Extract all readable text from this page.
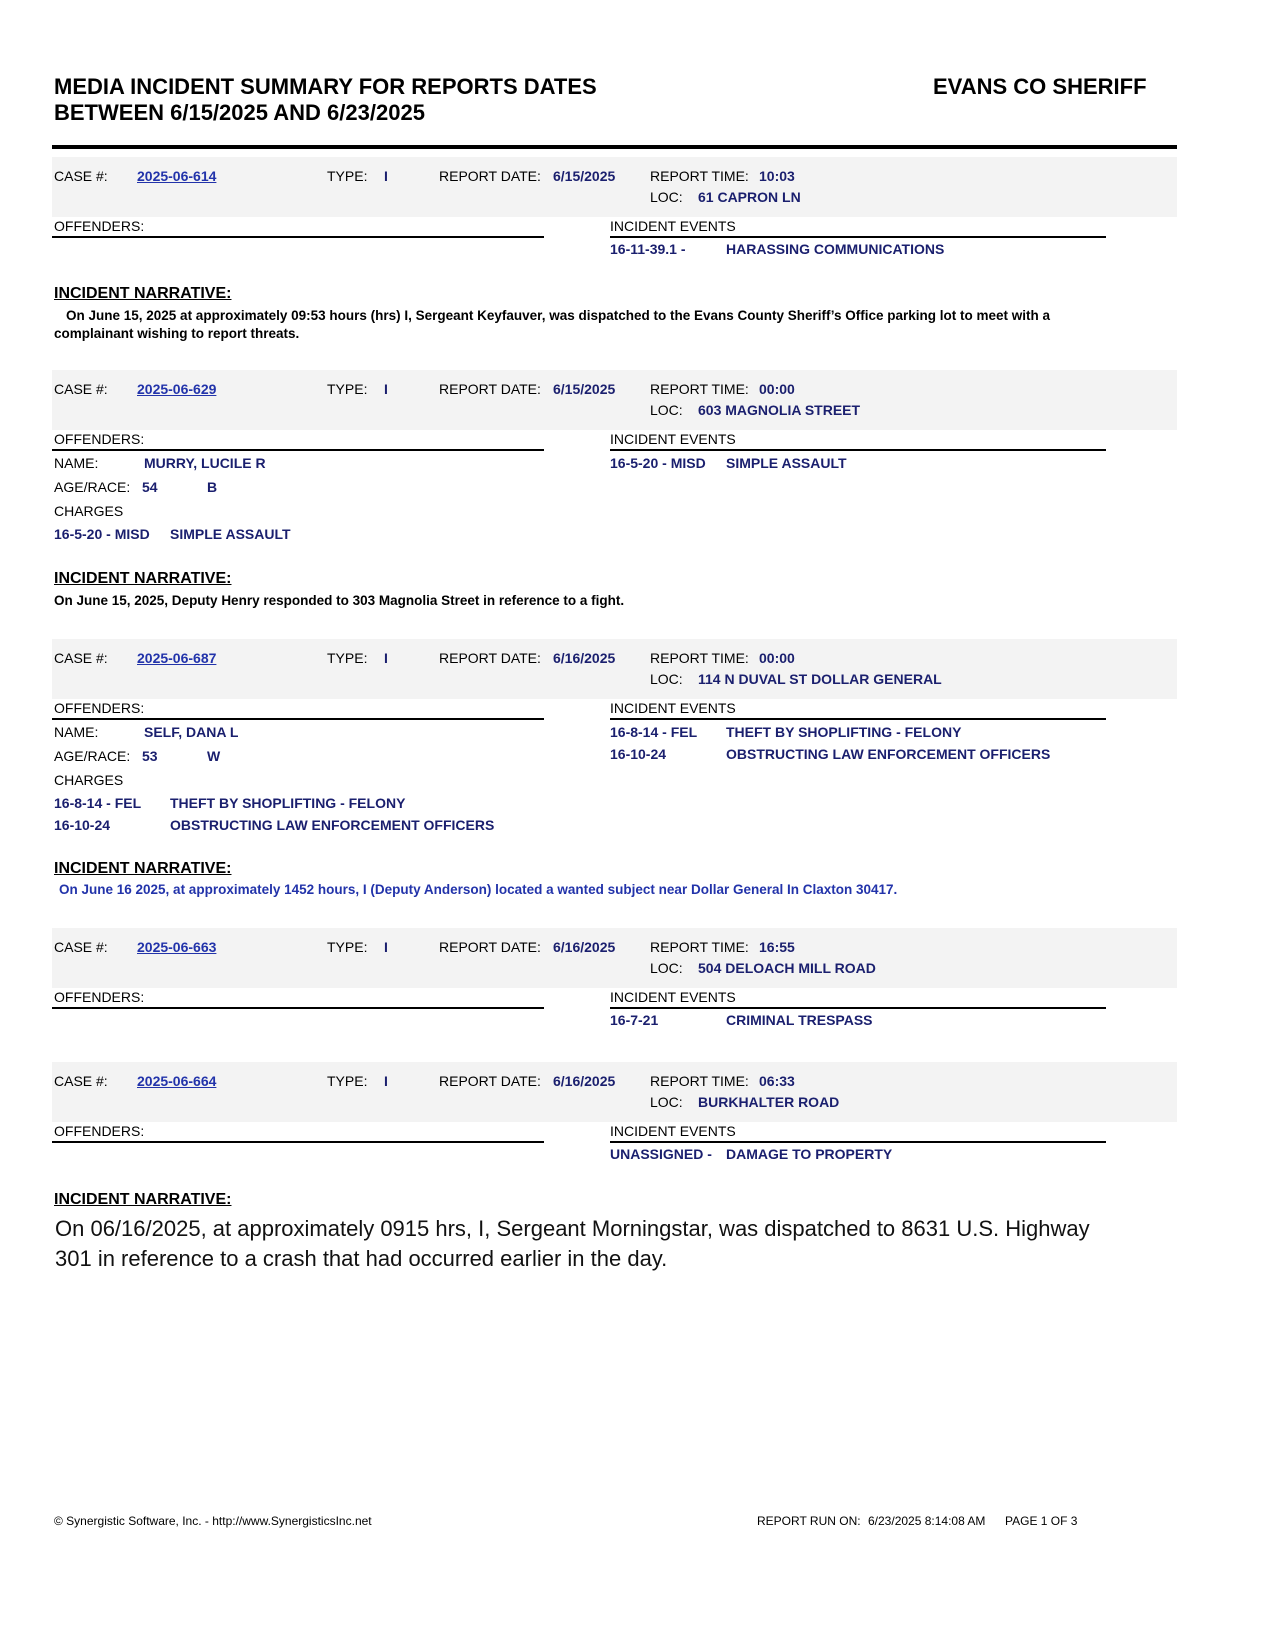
MEDIA INCIDENT SUMMARY FOR REPORTS DATES
BETWEEN 6/15/2025 AND 6/23/2025
EVANS CO SHERIFF
CASE #: 2025-06-614	TYPE: I	REPORT DATE: 6/15/2025 REPORT TIME: 10:03
LOC: 61 CAPRON LN
OFFENDERS:	INCIDENT EVENTS
16-11-39.1 -	HARASSING COMMUNICATIONS
INCIDENT NARRATIVE:
On June 15, 2025 at approximately 09:53 hours (hrs) I, Sergeant Keyfauver, was dispatched to the Evans County Sheriff’s Office parking lot to meet with a complainant wishing to report threats.
CASE #: 2025-06-629	TYPE: I	REPORT DATE: 6/15/2025 REPORT TIME: 00:00
LOC: 603 MAGNOLIA STREET
OFFENDERS:
NAME:	MURRY, LUCILE R
AGE/RACE: 54	B
CHARGES
16-5-20 - MISD SIMPLE ASSAULT
INCIDENT EVENTS
16-5-20 - MISD SIMPLE ASSAULT
INCIDENT NARRATIVE:
On June 15, 2025, Deputy Henry responded to 303 Magnolia Street in reference to a fight.
CASE #: 2025-06-687	TYPE: I	REPORT DATE: 6/16/2025 REPORT TIME: 00:00
LOC: 114 N DUVAL ST DOLLAR GENERAL
OFFENDERS:
NAME:	SELF, DANA L
AGE/RACE: 53	W
CHARGES
16-8-14 - FEL THEFT BY SHOPLIFTING - FELONY
16-10-24	OBSTRUCTING LAW ENFORCEMENT OFFICERS
INCIDENT EVENTS
16-8-14 - FEL THEFT BY SHOPLIFTING - FELONY
16-10-24	OBSTRUCTING LAW ENFORCEMENT OFFICERS
INCIDENT NARRATIVE:
On June 16 2025, at approximately 1452 hours, I (Deputy Anderson) located a wanted subject near Dollar General In Claxton 30417.
CASE #: 2025-06-663	TYPE: I	REPORT DATE: 6/16/2025 REPORT TIME: 16:55
LOC: 504 DELOACH MILL ROAD
OFFENDERS:	INCIDENT EVENTS
16-7-21	CRIMINAL TRESPASS
CASE #: 2025-06-664	TYPE: I	REPORT DATE: 6/16/2025 REPORT TIME: 06:33
LOC: BURKHALTER ROAD
OFFENDERS:	INCIDENT EVENTS
UNASSIGNED - DAMAGE TO PROPERTY
INCIDENT NARRATIVE:
On 06/16/2025, at approximately 0915 hrs, I, Sergeant Morningstar, was dispatched to 8631 U.S. Highway
301 in reference to a crash that had occurred earlier in the day.
© Synergistic Software, Inc. - http://www.SynergisticsInc.net	REPORT RUN ON: 6/23/2025 8:14:08 AM PAGE 1 OF 3
